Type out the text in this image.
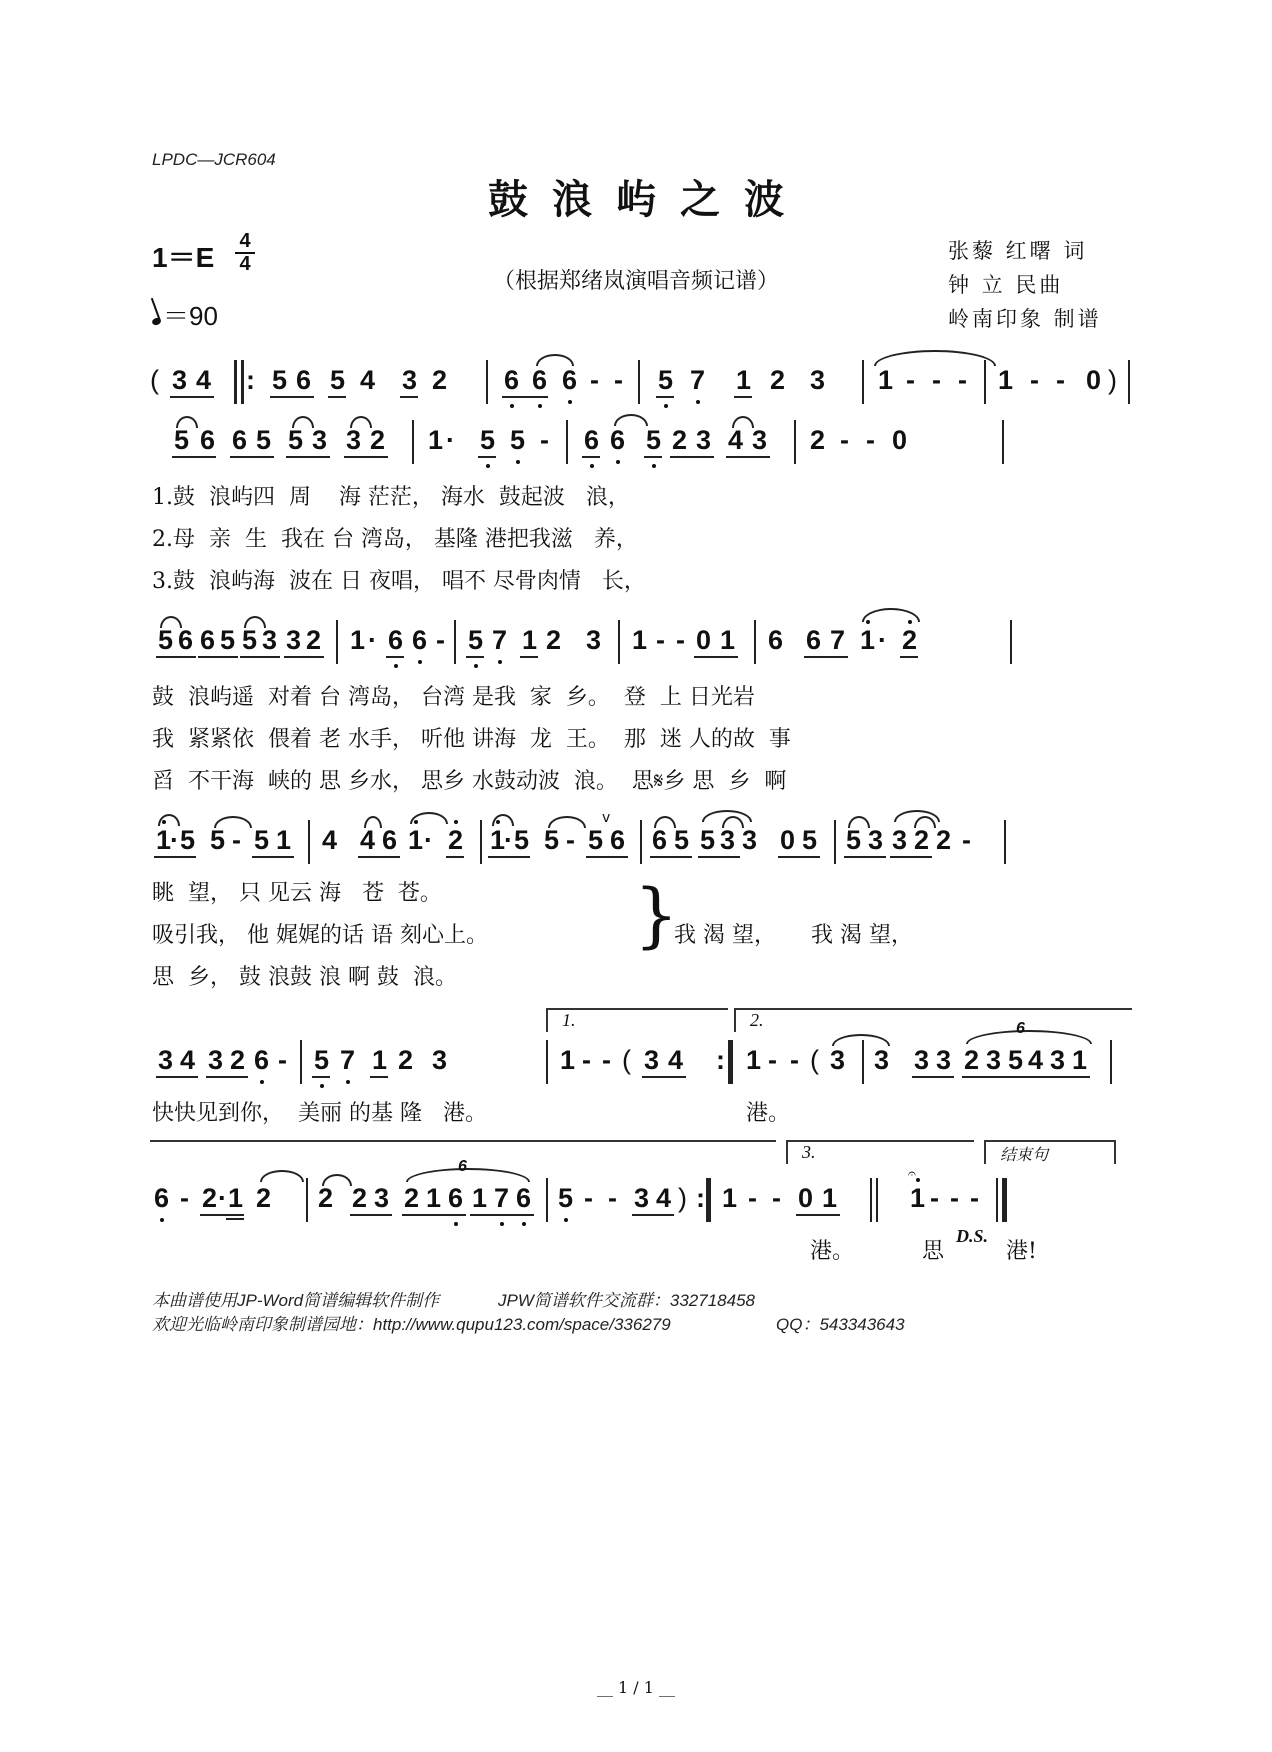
LPDC—JCR604
鼓浪屿之波
1＝E
4
4
＝90
（根据郑绪岚演唱音频记谱）
张藜 红曙 词
钟 立 民曲
岭南印象 制谱
( 3 4 : 5 6 5 4 3 2 6 6 6 - - 5 7 1 2 3 1 - - - 1 - - 0 )
5 6 6 5 5 3 3 2 1 · 5 5 - 6 6 5 2 3 4 3 2 - - 0
1.鼓  浪屿四  周    海 茫茫， 海水  鼓起波   浪，
2.母  亲  生  我在 台 湾岛， 基隆 港把我滋   养，
3.鼓  浪屿海  波在 日 夜唱， 唱不 尽骨肉情   长，
5 6 6 5 5 3 3 2 1 · 6 6 - 5 7 1 2 3 1 - - 0 1 6 6 7 1 · 2
鼓  浪屿遥  对着 台 湾岛， 台湾 是我  家  乡。  登  上 日光岩
我  紧紧依  偎着 老 水手， 听他 讲海  龙  王。  那  迷 人的故  事
舀  不干海  峡的 思 乡水， 思乡 水鼓动波  浪。  思𝄋乡 思  乡  啊
1
· 5 5 - 5 1 4 4 6 1 · 2 1
· 5 5 - 5 6
v
6 5 5 3 3 0 5 5 3 3 2 2 -
眺  望， 只 见云 海   苍  苍。
吸引我， 他 娓娓的话 语 刻心上。
思  乡， 鼓 浪鼓 浪 啊 鼓  浪。
}
我 渴 望，     我 渴 望，
1.	2.
3 4 3 2 6 - 5 7 1 2 3	1 - - ( 3 4 : 1 - - ( 3 3 3 3
6
2 3 5 4 3 1
快快见到你，  美丽 的基 隆   港。	港。
3.	结束句
6 - 2 · 1 2 2 2 3
6
2 1 6 1 7 6 5 - - 3 4 ) : 1 - - 0 1
𝄐
1 - - -
港。	思
D.S.
港!
本曲谱使用JP-Word简谱编辑软件制作	JPW简谱软件交流群：332718458
欢迎光临岭南印象制谱园地：http://www.qupu123.com/space/336279	QQ：543343643
__ 1 / 1 __
